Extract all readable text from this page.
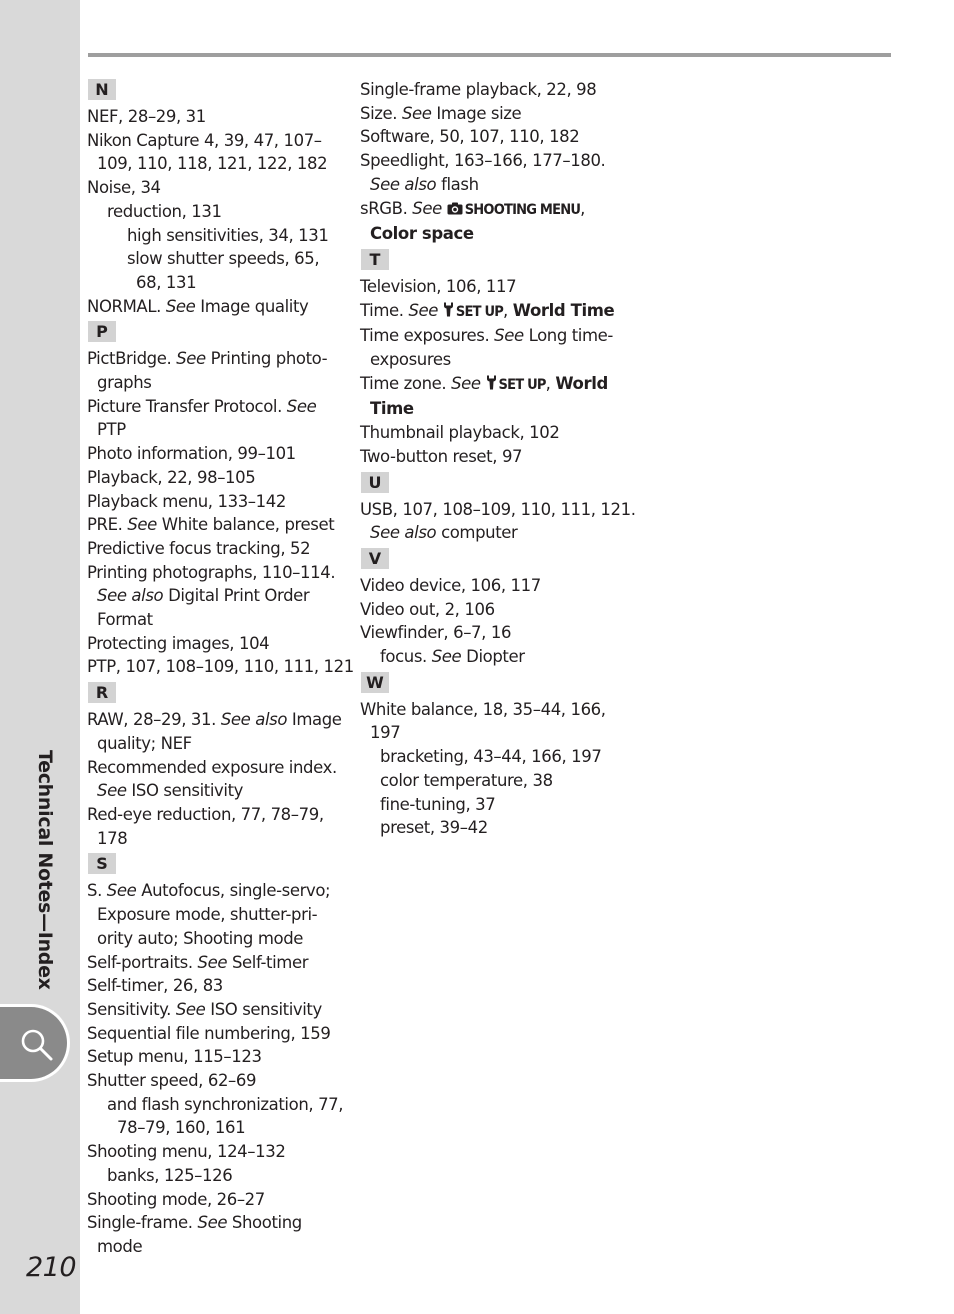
Technical Notes—Index
210
N
NEF, 28–29, 31
Nikon Capture 4, 39, 47, 107–
109, 110, 118, 121, 122, 182
Noise, 34
reduction, 131
high sensitivities, 34, 131
slow shutter speeds, 65,
68, 131
NORMAL. See Image quality
P
PictBridge. See Printing photo-
graphs
Picture Transfer Protocol. See
PTP
Photo information, 99–101
Playback, 22, 98–105
Playback menu, 133–142
PRE. See White balance, preset
Predictive focus tracking, 52
Printing photographs, 110–114.
See also Digital Print Order
Format
Protecting images, 104
PTP, 107, 108–109, 110, 111, 121
R
RAW, 28–29, 31. See also Image
quality; NEF
Recommended exposure index.
See ISO sensitivity
Red-eye reduction, 77, 78–79,
178
S
S. See Autofocus, single-servo;
Exposure mode, shutter-pri-
ority auto; Shooting mode
Self-portraits. See Self-timer
Self-timer, 26, 83
Sensitivity. See ISO sensitivity
Sequential file numbering, 159
Setup menu, 115–123
Shutter speed, 62–69
and flash synchronization, 77,
78–79, 160, 161
Shooting menu, 124–132
banks, 125–126
Shooting mode, 26–27
Single-frame. See Shooting
mode
Single-frame playback, 22, 98
Size. See Image size
Software, 50, 107, 110, 182
Speedlight, 163–166, 177–180.
See also flash
sRGB. See SHOOTING MENU,
Color space
T
Television, 106, 117
Time. See SET UP, World Time
Time exposures. See Long time-
exposures
Time zone. See SET UP, World
Time
Thumbnail playback, 102
Two-button reset, 97
U
USB, 107, 108–109, 110, 111, 121.
See also computer
V
Video device, 106, 117
Video out, 2, 106
Viewfinder, 6–7, 16
focus. See Diopter
W
White balance, 18, 35–44, 166,
197
bracketing, 43–44, 166, 197
color temperature, 38
fine-tuning, 37
preset, 39–42
